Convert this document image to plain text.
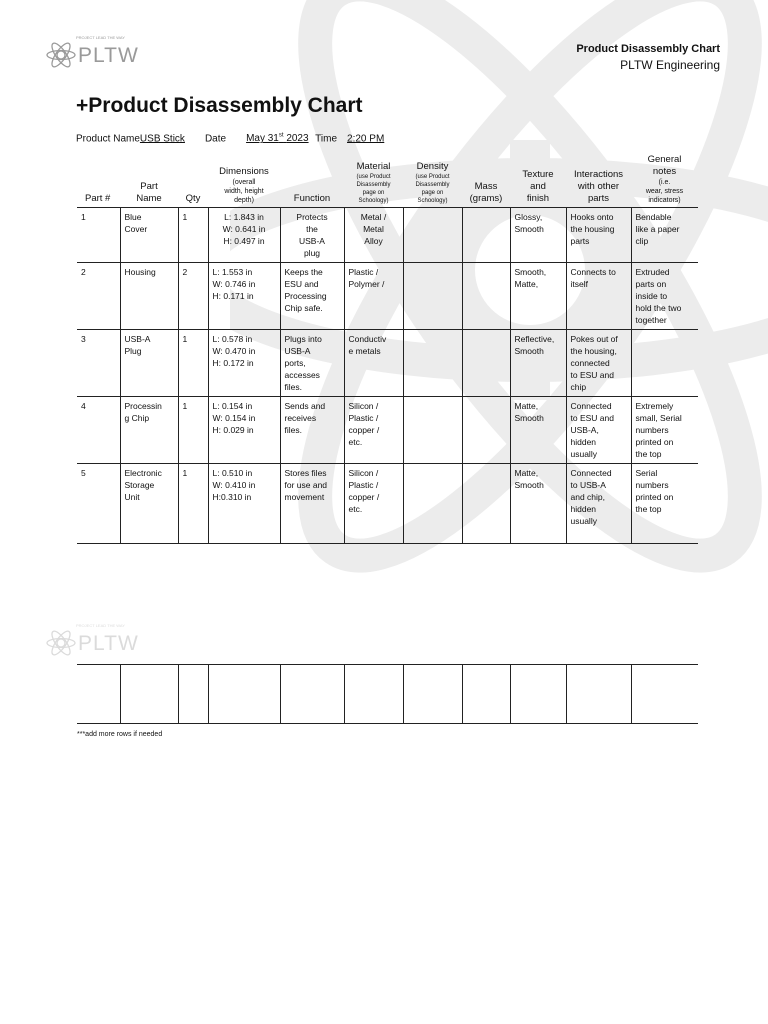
PROJECT LEAD THE WAY
PLTW	Product Disassembly Chart
PLTW Engineering
+Product Disassembly Chart
Product NameUSB Stick Date May 31st 2023 Time 2:20 PM
Part #	Part
Name	Qty	Dimensions
(overall
width, height
depth)	Function	Material
(use Product
Disassembly
page on
Schoology)	Density
(use Product
Disassembly
page on
Schoology)	Mass
(grams)	Texture
and
finish	Interactions
with other
parts	General
notes
(i.e.
wear, stress
indicators)

1	Blue
Cover	1	L: 1.843 in
W: 0.641 in
H: 0.497 in	Protects
the
USB-A
plug	Metal /
Metal
Alloy			Glossy,
Smooth	Hooks onto
the housing
parts	Bendable
like a paper
clip
2	Housing	2	L: 1.553 in
W: 0.746 in
H: 0.171 in	Keeps the
ESU and
Processing
Chip safe.	Plastic /
Polymer /			Smooth,
Matte,	Connects to
itself	Extruded
parts on
inside to
hold the two
together
3	USB-A
Plug	1	L: 0.578 in
W: 0.470 in
H: 0.172 in	Plugs into
USB-A
ports,
accesses
files.	Conductiv
e metals			Reflective,
Smooth	Pokes out of
the housing,
connected
to ESU and
chip	
4	Processin
g Chip	1	L: 0.154 in
W: 0.154 in
H: 0.029 in	Sends and
receives
files.	Silicon /
Plastic /
copper /
etc.			Matte,
Smooth	Connected
to ESU and
USB-A,
hidden
usually	Extremely
small, Serial
numbers
printed on
the top
5	Electronic
Storage
Unit	1	L: 0.510 in
W: 0.410 in
H:0.310 in	Stores files
for use and
movement	Silicon /
Plastic /
copper /
etc.			Matte,
Smooth	Connected
to USB-A
and chip,
hidden
usually	Serial
numbers
printed on
the top
PROJECT LEAD THE WAY
PLTW

***add more rows if needed
